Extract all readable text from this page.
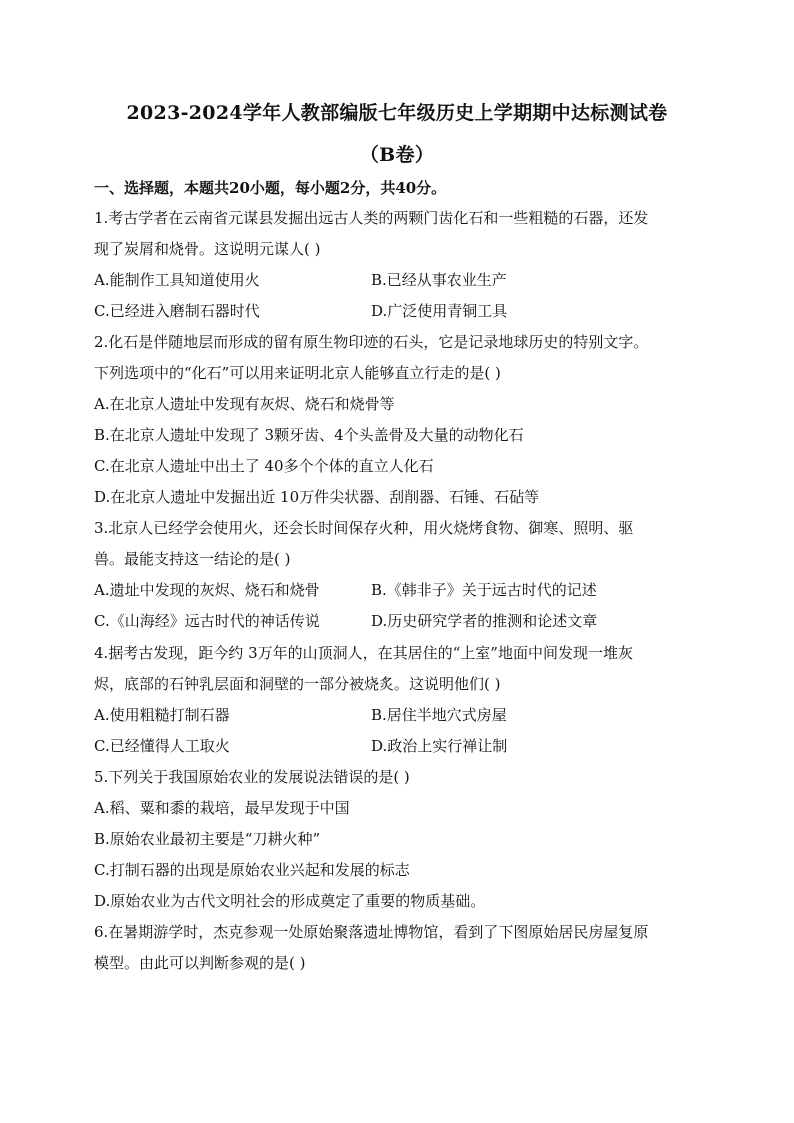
2023-2024学年人教部编版七年级历史上学期期中达标测试卷
（B卷）
一、选择题，本题共20小题，每小题2分，共40分。
1.考古学者在云南省元谋县发掘出远古人类的两颗门齿化石和一些粗糙的石器，还发
现了炭屑和烧骨。这说明元谋人( )
A.能制作工具知道使用火	B.已经从事农业生产
C.已经进入磨制石器时代	D.广泛使用青铜工具
2.化石是伴随地层而形成的留有原生物印迹的石头，它是记录地球历史的特别文字。
下列选项中的“化石”可以用来证明北京人能够直立行走的是( )
A.在北京人遗址中发现有灰烬、烧石和烧骨等
B.在北京人遗址中发现了 3颗牙齿、4个头盖骨及大量的动物化石
C.在北京人遗址中出土了 40多个个体的直立人化石
D.在北京人遗址中发掘出近 10万件尖状器、刮削器、石锤、石砧等
3.北京人已经学会使用火，还会长时间保存火种，用火烧烤食物、御寒、照明、驱
兽。最能支持这一结论的是( )
A.遗址中发现的灰烬、烧石和烧骨	B.《韩非子》关于远古时代的记述
C.《山海经》远古时代的神话传说	D.历史研究学者的推测和论述文章
4.据考古发现，距今约 3万年的山顶洞人，在其居住的“上室”地面中间发现一堆灰
烬，底部的石钟乳层面和洞壁的一部分被烧炙。这说明他们( )
A.使用粗糙打制石器	B.居住半地穴式房屋
C.已经懂得人工取火	D.政治上实行禅让制
5.下列关于我国原始农业的发展说法错误的是( )
A.稻、粟和黍的栽培，最早发现于中国
B.原始农业最初主要是“刀耕火种”
C.打制石器的出现是原始农业兴起和发展的标志
D.原始农业为古代文明社会的形成奠定了重要的物质基础。
6.在暑期游学时，杰克参观一处原始聚落遗址博物馆，看到了下图原始居民房屋复原
模型。由此可以判断参观的是( )
